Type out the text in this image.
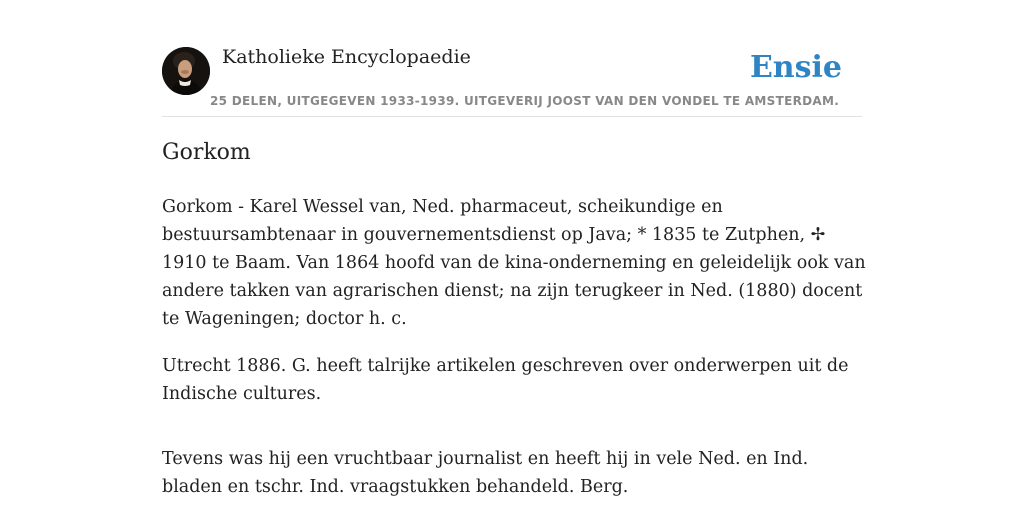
Katholieke Encyclopaedie
25 DELEN, UITGEGEVEN 1933-1939. UITGEVERIJ JOOST VAN DEN VONDEL TE AMSTERDAM.
Ensie
Gorkom

Gorkom - Karel Wessel van, Ned. pharmaceut, scheikundige en bestuursambtenaar in gouvernementsdienst op Java; * 1835 te Zutphen, ✢ 1910 te Baam. Van 1864 hoofd van de kina-onderneming en geleidelijk ook van andere takken van agrarischen dienst; na zijn terugkeer in Ned. (1880) docent te Wageningen; doctor h. c.

Utrecht 1886. G. heeft talrijke artikelen geschreven over onderwerpen uit de Indische cultures.

Tevens was hij een vruchtbaar journalist en heeft hij in vele Ned. en Ind. bladen en tschr. Ind. vraagstukken behandeld. Berg.
